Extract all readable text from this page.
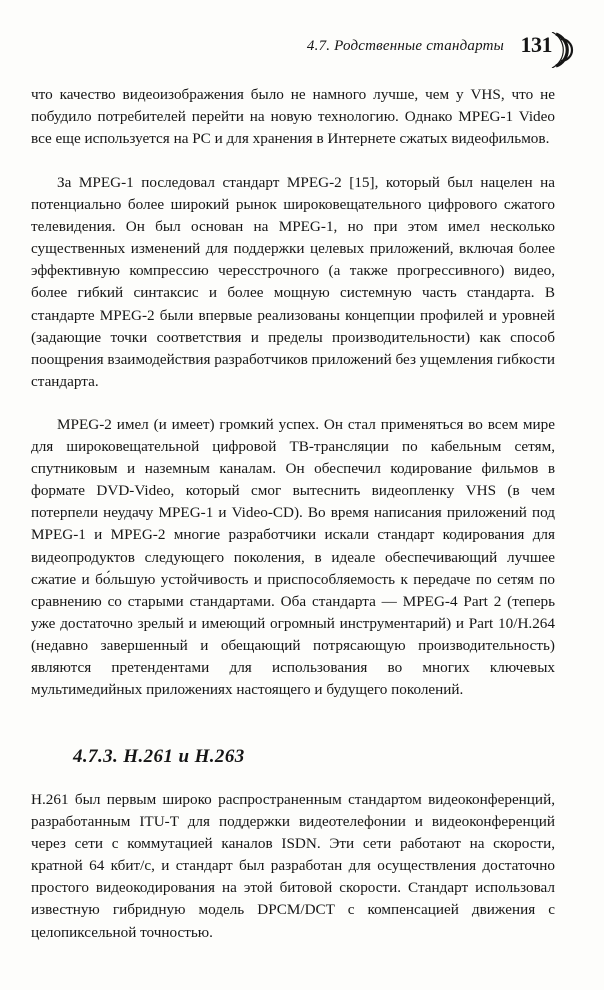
4.7. Родственные стандарты 131

что качество видеоизображения было не намного лучше, чем у VHS, что не побудило потребителей перейти на новую технологию. Однако MPEG-1 Video все еще используется на PC и для хранения в Интернете сжатых видеофильмов.

За MPEG-1 последовал стандарт MPEG-2 [15], который был нацелен на потенциально более широкий рынок широковещательного цифрового сжатого телевидения. Он был основан на MPEG-1, но при этом имел несколько существенных изменений для поддержки целевых приложений, включая более эффективную компрессию чересстрочного (а также прогрессивного) видео, более гибкий синтаксис и более мощную системную часть стандарта. В стандарте MPEG-2 были впервые реализованы концепции профилей и уровней (задающие точки соответствия и пределы производительности) как способ поощрения взаимодействия разработчиков приложений без ущемления гибкости стандарта.

MPEG-2 имел (и имеет) громкий успех. Он стал применяться во всем мире для широковещательной цифровой ТВ-трансляции по кабельным сетям, спутниковым и наземным каналам. Он обеспечил кодирование фильмов в формате DVD-Video, который смог вытеснить видеопленку VHS (в чем потерпели неудачу MPEG-1 и Video-CD). Во время написания приложений под MPEG-1 и MPEG-2 многие разработчики искали стандарт кодирования для видеопродуктов следующего поколения, в идеале обеспечивающий лучшее сжатие и бо́льшую устойчивость и приспособляемость к передаче по сетям по сравнению со старыми стандартами. Оба стандарта — MPEG-4 Part 2 (теперь уже достаточно зрелый и имеющий огромный инструментарий) и Part 10/H.264 (недавно завершенный и обещающий потрясающую производительность) являются претендентами для использования во многих ключевых мультимедийных приложениях настоящего и будущего поколений.

4.7.3. H.261 и H.263

H.261 был первым широко распространенным стандартом видеоконференций, разработанным ITU-T для поддержки видеотелефонии и видеоконференций через сети с коммутацией каналов ISDN. Эти сети работают на скорости, кратной 64 кбит/с, и стандарт был разработан для осуществления достаточно простого видеокодирования на этой битовой скорости. Стандарт использовал известную гибридную модель DPCM/DCT с компенсацией движения с целопиксельной точностью.
